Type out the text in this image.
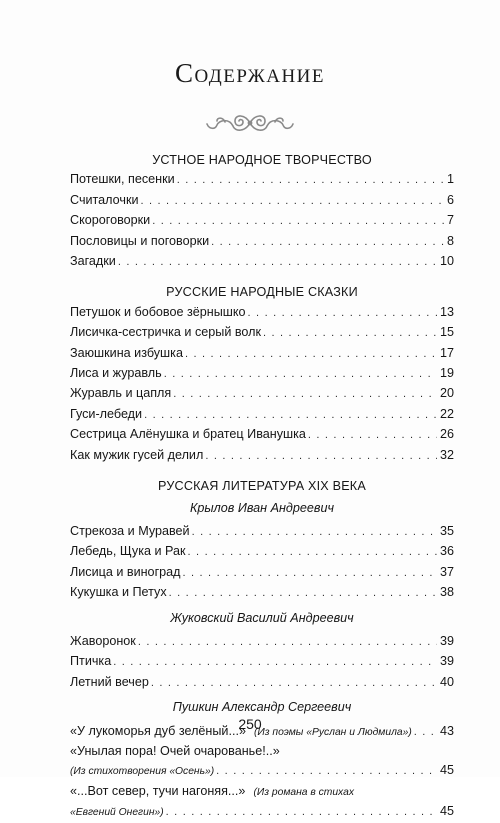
Содержание
УСТНОЕ НАРОДНОЕ ТВОРЧЕСТВО
Потешки, песенки . . .	1
Считалочки . . .	6
Скороговорки . . .	7
Пословицы и поговорки . . .	8
Загадки . . .	10
РУССКИЕ НАРОДНЫЕ СКАЗКИ
Петушок и бобовое зёрнышко . . .	13
Лисичка-сестричка и серый волк . . .	15
Заюшкина избушка . . .	17
Лиса и журавль . . .	19
Журавль и цапля . . .	20
Гуси-лебеди . . .	22
Сестрица Алёнушка и братец Иванушка . . .	26
Как мужик гусей делил . . .	32
РУССКАЯ ЛИТЕРАТУРА XIX ВЕКА
Крылов Иван Андреевич
Стрекоза и Муравей . . .	35
Лебедь, Щука и Рак . . .	36
Лисица и виноград . . .	37
Кукушка и Петух . . .	38
Жуковский Василий Андреевич
Жаворонок . . .	39
Птичка . . .	39
Летний вечер . . .	40
Пушкин Александр Сергеевич
«У лукоморья дуб зелёный...» (Из поэмы «Руслан и Людмила») . . . 43
«Унылая пора! Очей очарованье!..»
(Из стихотворения «Осень») . . .	45
«...Вот север, тучи нагоняя...» (Из романа в стихах
«Евгений Онегин») . . .	45
250
